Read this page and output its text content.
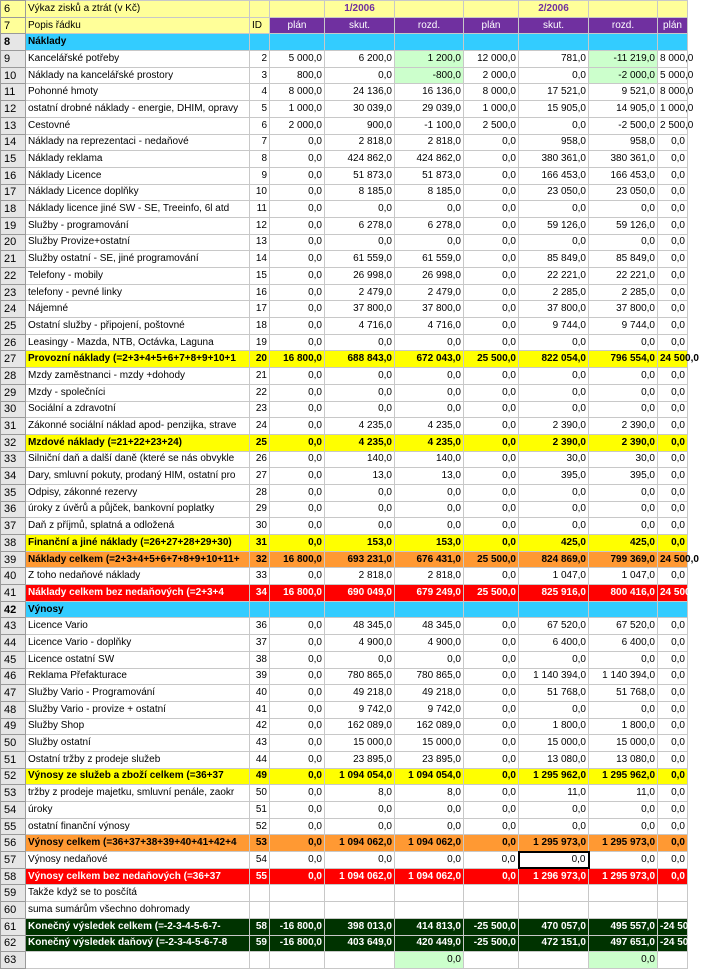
6	Výkaz zisků a ztrát (v Kč)			1/2006			2/2006		
7	Popis řádku	ID	plán	skut.	rozd.	plán	skut.	rozd.	plán
8	Náklady								
9	Kancelářské potřeby	2	5 000,0	6 200,0	1 200,0	12 000,0	781,0	-11 219,0	8 000,0
10	Náklady na kancelářské prostory	3	800,0	0,0	-800,0	2 000,0	0,0	-2 000,0	5 000,0
11	Pohonné hmoty	4	8 000,0	24 136,0	16 136,0	8 000,0	17 521,0	9 521,0	8 000,0
12	ostatní drobné náklady - energie, DHIM, opravy	5	1 000,0	30 039,0	29 039,0	1 000,0	15 905,0	14 905,0	1 000,0
13	Cestovné	6	2 000,0	900,0	-1 100,0	2 500,0	0,0	-2 500,0	2 500,0
14	Náklady na reprezentaci - nedaňové	7	0,0	2 818,0	2 818,0	0,0	958,0	958,0	0,0
15	Náklady reklama	8	0,0	424 862,0	424 862,0	0,0	380 361,0	380 361,0	0,0
16	Náklady Licence	9	0,0	51 873,0	51 873,0	0,0	166 453,0	166 453,0	0,0
17	Náklady Licence doplňky	10	0,0	8 185,0	8 185,0	0,0	23 050,0	23 050,0	0,0
18	Náklady licence jiné SW - SE, Treeinfo, 6l atd	11	0,0	0,0	0,0	0,0	0,0	0,0	0,0
19	Služby - programování	12	0,0	6 278,0	6 278,0	0,0	59 126,0	59 126,0	0,0
20	Služby Provize+ostatní	13	0,0	0,0	0,0	0,0	0,0	0,0	0,0
21	Služby ostatní - SE, jiné programování	14	0,0	61 559,0	61 559,0	0,0	85 849,0	85 849,0	0,0
22	Telefony - mobily	15	0,0	26 998,0	26 998,0	0,0	22 221,0	22 221,0	0,0
23	telefony - pevné linky	16	0,0	2 479,0	2 479,0	0,0	2 285,0	2 285,0	0,0
24	Nájemné	17	0,0	37 800,0	37 800,0	0,0	37 800,0	37 800,0	0,0
25	Ostatní služby - připojení, poštovné	18	0,0	4 716,0	4 716,0	0,0	9 744,0	9 744,0	0,0
26	Leasingy - Mazda, NTB, Octávka, Laguna	19	0,0	0,0	0,0	0,0	0,0	0,0	0,0
27	Provozní náklady (=2+3+4+5+6+7+8+9+10+1	20	16 800,0	688 843,0	672 043,0	25 500,0	822 054,0	796 554,0	24 500,0
28	Mzdy zaměstnanci - mzdy +dohody	21	0,0	0,0	0,0	0,0	0,0	0,0	0,0
29	Mzdy - společníci	22	0,0	0,0	0,0	0,0	0,0	0,0	0,0
30	Sociální a zdravotní	23	0,0	0,0	0,0	0,0	0,0	0,0	0,0
31	Zákonné sociální náklad apod- penzijka, strave	24	0,0	4 235,0	4 235,0	0,0	2 390,0	2 390,0	0,0
32	Mzdové náklady (=21+22+23+24)	25	0,0	4 235,0	4 235,0	0,0	2 390,0	2 390,0	0,0
33	Silniční daň a další daně (které se nás obvykle	26	0,0	140,0	140,0	0,0	30,0	30,0	0,0
34	Dary, smluvní pokuty, prodaný HIM, ostatní pro	27	0,0	13,0	13,0	0,0	395,0	395,0	0,0
35	Odpisy, zákonné rezervy	28	0,0	0,0	0,0	0,0	0,0	0,0	0,0
36	úroky z úvěrů a půjček, bankovní poplatky	29	0,0	0,0	0,0	0,0	0,0	0,0	0,0
37	Daň z příjmů, splatná a odložená	30	0,0	0,0	0,0	0,0	0,0	0,0	0,0
38	Finanční a jiné náklady (=26+27+28+29+30)	31	0,0	153,0	153,0	0,0	425,0	425,0	0,0
39	Náklady celkem (=2+3+4+5+6+7+8+9+10+11+	32	16 800,0	693 231,0	676 431,0	25 500,0	824 869,0	799 369,0	24 500,0
40	Z toho nedaňové náklady	33	0,0	2 818,0	2 818,0	0,0	1 047,0	1 047,0	0,0
41	Náklady celkem bez nedaňových (=2+3+4	34	16 800,0	690 049,0	679 249,0	25 500,0	825 916,0	800 416,0	24 500,0
42	Výnosy								
43	Licence Vario	36	0,0	48 345,0	48 345,0	0,0	67 520,0	67 520,0	0,0
44	Licence Vario - doplňky	37	0,0	4 900,0	4 900,0	0,0	6 400,0	6 400,0	0,0
45	Licence ostatní SW	38	0,0	0,0	0,0	0,0	0,0	0,0	0,0
46	Reklama Přefakturace	39	0,0	780 865,0	780 865,0	0,0	1 140 394,0	1 140 394,0	0,0
47	Služby Vario - Programování	40	0,0	49 218,0	49 218,0	0,0	51 768,0	51 768,0	0,0
48	Služby Vario - provize + ostatní	41	0,0	9 742,0	9 742,0	0,0	0,0	0,0	0,0
49	Služby Shop	42	0,0	162 089,0	162 089,0	0,0	1 800,0	1 800,0	0,0
50	Služby ostatní	43	0,0	15 000,0	15 000,0	0,0	15 000,0	15 000,0	0,0
51	Ostatní tržby z prodeje služeb	44	0,0	23 895,0	23 895,0	0,0	13 080,0	13 080,0	0,0
52	Výnosy ze služeb a zboží celkem (=36+37	49	0,0	1 094 054,0	1 094 054,0	0,0	1 295 962,0	1 295 962,0	0,0
53	tržby z prodeje majetku, smluvní penále, zaokr	50	0,0	8,0	8,0	0,0	11,0	11,0	0,0
54	úroky	51	0,0	0,0	0,0	0,0	0,0	0,0	0,0
55	ostatní finanční výnosy	52	0,0	0,0	0,0	0,0	0,0	0,0	0,0
56	Výnosy celkem (=36+37+38+39+40+41+42+4	53	0,0	1 094 062,0	1 094 062,0	0,0	1 295 973,0	1 295 973,0	0,0
57	Výnosy nedaňové	54	0,0	0,0	0,0	0,0	0,0	0,0	0,0
58	Výnosy celkem bez nedaňových (=36+37	55	0,0	1 094 062,0	1 094 062,0	0,0	1 296 973,0	1 295 973,0	0,0
59	Takže když se to posčítá								
60	suma sumárům všechno dohromady								
61	Konečný výsledek celkem (=-2-3-4-5-6-7-	58	-16 800,0	398 013,0	414 813,0	-25 500,0	470 057,0	495 557,0	-24 500,0
62	Konečný výsledek daňový (=-2-3-4-5-6-7-8	59	-16 800,0	403 649,0	420 449,0	-25 500,0	472 151,0	497 651,0	-24 500,0
63					0,0			0,0	
